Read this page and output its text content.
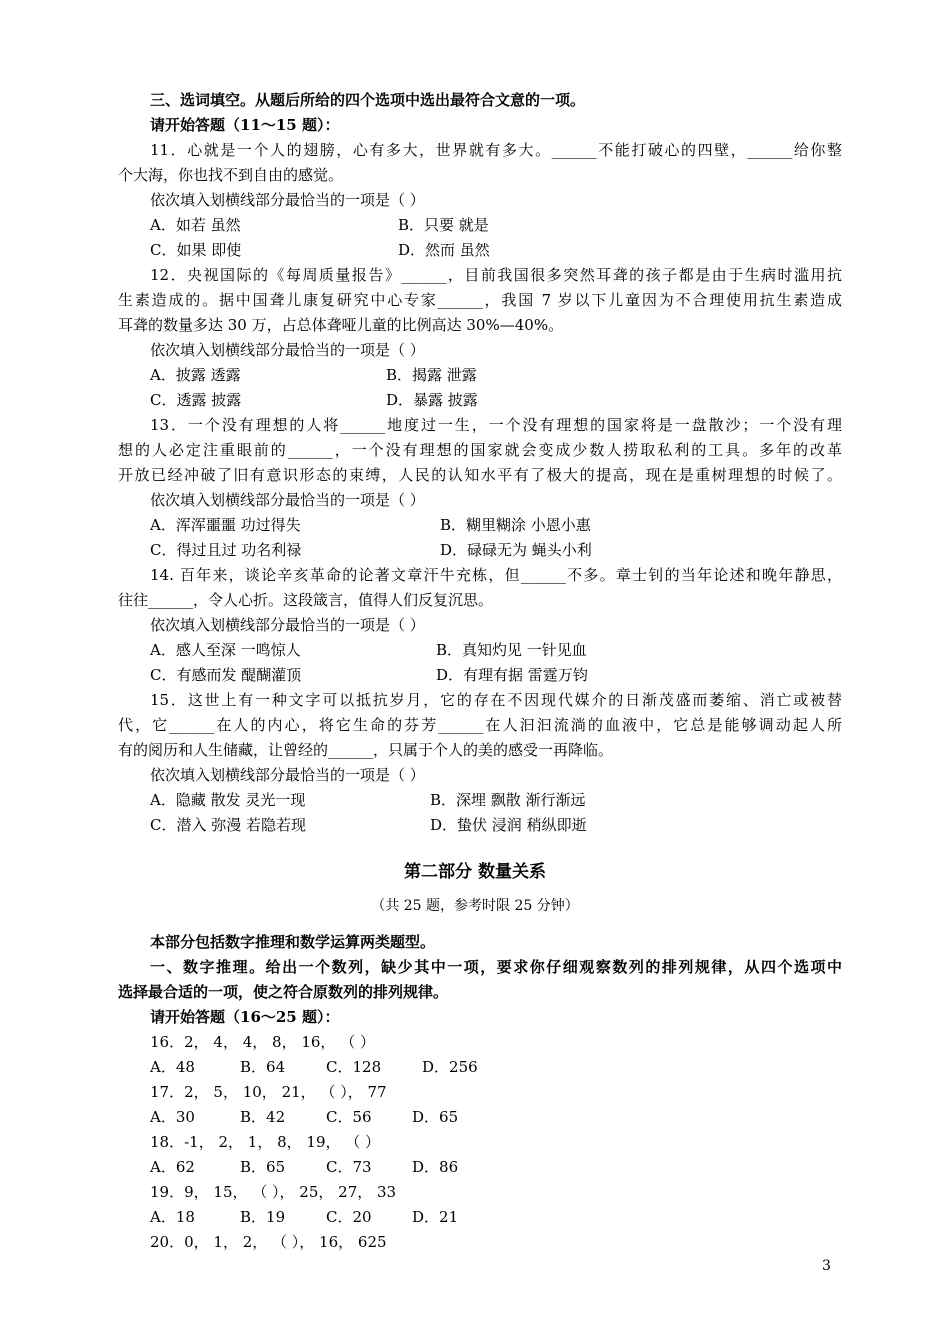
三、选词填空。从题后所给的四个选项中选出最符合文意的一项。
请开始答题（11～15 题）：
11．心就是一个人的翅膀，心有多大，世界就有多大。______不能打破心的四壁，______给你整
个大海，你也找不到自由的感觉。
依次填入划横线部分最恰当的一项是（ ）
A．如若 虽然	B．只要 就是
C．如果 即使	D．然而 虽然
12．央视国际的《每周质量报告》______，目前我国很多突然耳聋的孩子都是由于生病时滥用抗
生素造成的。据中国聋儿康复研究中心专家______，我国 7 岁以下儿童因为不合理使用抗生素造成
耳聋的数量多达 30 万，占总体聋哑儿童的比例高达 30%—40%。
依次填入划横线部分最恰当的一项是（ ）
A．披露 透露	B．揭露 泄露
C．透露 披露	D．暴露 披露
13．一个没有理想的人将______地度过一生，一个没有理想的国家将是一盘散沙；一个没有理
想的人必定注重眼前的______，一个没有理想的国家就会变成少数人捞取私利的工具。多年的改革
开放已经冲破了旧有意识形态的束缚，人民的认知水平有了极大的提高，现在是重树理想的时候了。
依次填入划横线部分最恰当的一项是（ ）
A．浑浑噩噩 功过得失	B．糊里糊涂 小恩小惠
C．得过且过 功名利禄	D．碌碌无为 蝇头小利
14. 百年来，谈论辛亥革命的论著文章汗牛充栋，但______不多。章士钊的当年论述和晚年静思，
往往______，令人心折。这段箴言，值得人们反复沉思。
依次填入划横线部分最恰当的一项是（ ）
A．感人至深 一鸣惊人	B．真知灼见 一针见血
C．有感而发 醍醐灌顶	D．有理有据 雷霆万钧
15．这世上有一种文字可以抵抗岁月，它的存在不因现代媒介的日渐茂盛而萎缩、消亡或被替
代，它______在人的内心，将它生命的芬芳______在人汩汩流淌的血液中，它总是能够调动起人所
有的阅历和人生储藏，让曾经的______，只属于个人的美的感受一再降临。
依次填入划横线部分最恰当的一项是（ ）
A．隐藏 散发 灵光一现	B．深埋 飘散 渐行渐远
C．潜入 弥漫 若隐若现	D．蛰伏 浸润 稍纵即逝
第二部分 数量关系
（共 25 题，参考时限 25 分钟）
本部分包括数字推理和数学运算两类题型。
一、数字推理。给出一个数列，缺少其中一项，要求你仔细观察数列的排列规律，从四个选项中
选择最合适的一项，使之符合原数列的排列规律。
请开始答题（16～25 题）：
16．2， 4， 4， 8， 16， （ ）
A．48	B．64	C．128	D．256
17．2， 5， 10， 21， （ ）， 77
A．30	B．42	C．56	D．65
18．-1， 2， 1， 8， 19， （ ）
A．62	B．65	C．73	D．86
19．9， 15， （ ）， 25， 27， 33
A．18	B．19	C．20	D．21
20．0， 1， 2， （ ）， 16， 625
3
